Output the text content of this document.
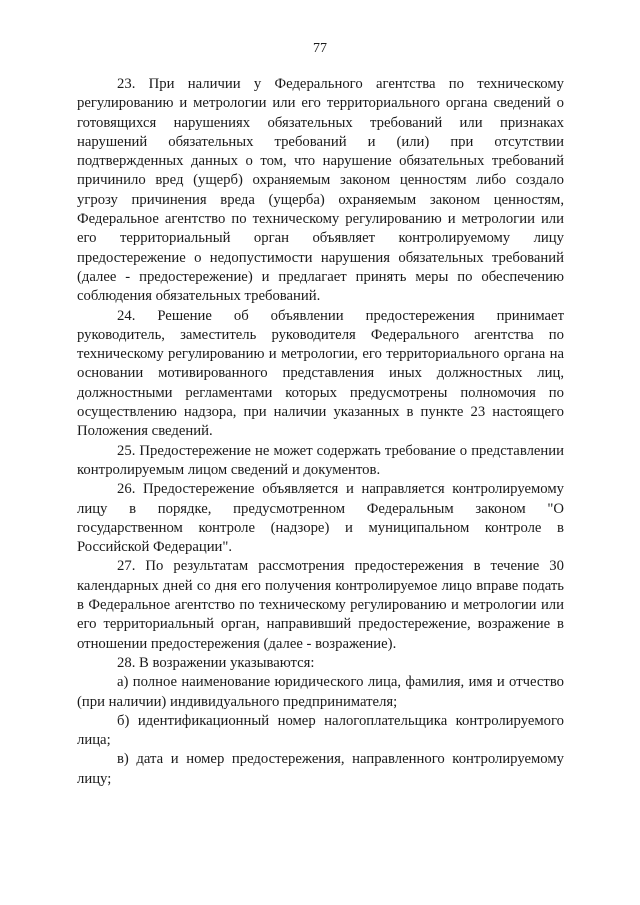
77

23. При наличии у Федерального агентства по техническому регулированию и метрологии или его территориального органа сведений о готовящихся нарушениях обязательных требований или признаках нарушений обязательных требований и (или) при отсутствии подтвержденных данных о том, что нарушение обязательных требований причинило вред (ущерб) охраняемым законом ценностям либо создало угрозу причинения вреда (ущерба) охраняемым законом ценностям, Федеральное агентство по техническому регулированию и метрологии или его территориальный орган объявляет контролируемому лицу предостережение о недопустимости нарушения обязательных требований (далее - предостережение) и предлагает принять меры по обеспечению соблюдения обязательных требований.

24. Решение об объявлении предостережения принимает руководитель, заместитель руководителя Федерального агентства по техническому регулированию и метрологии, его территориального органа на основании мотивированного представления иных должностных лиц, должностными регламентами которых предусмотрены полномочия по осуществлению надзора, при наличии указанных в пункте 23 настоящего Положения сведений.

25. Предостережение не может содержать требование о представлении контролируемым лицом сведений и документов.

26. Предостережение объявляется и направляется контролируемому лицу в порядке, предусмотренном Федеральным законом "О государственном контроле (надзоре) и муниципальном контроле в Российской Федерации".

27. По результатам рассмотрения предостережения в течение 30 календарных дней со дня его получения контролируемое лицо вправе подать в Федеральное агентство по техническому регулированию и метрологии или его территориальный орган, направивший предостережение, возражение в отношении предостережения (далее - возражение).

28. В возражении указываются:

а) полное наименование юридического лица, фамилия, имя и отчество (при наличии) индивидуального предпринимателя;

б) идентификационный номер налогоплательщика контролируемого лица;

в) дата и номер предостережения, направленного контролируемому лицу;
